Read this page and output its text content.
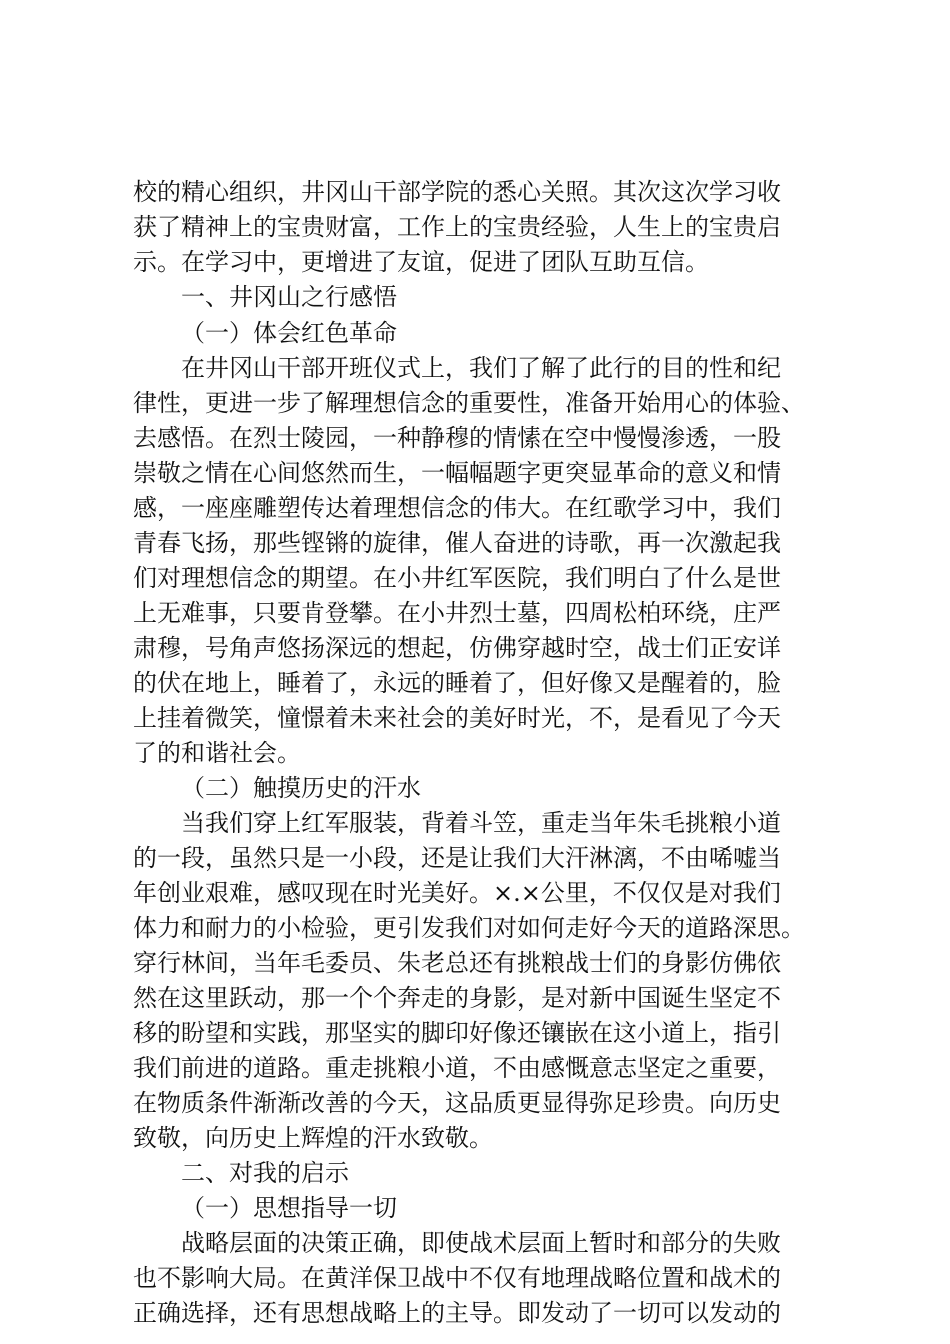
校的精心组织，井冈山干部学院的悉心关照。其次这次学习收
获了精神上的宝贵财富，工作上的宝贵经验，人生上的宝贵启
示。在学习中，更增进了友谊，促进了团队互助互信。
一、井冈山之行感悟
（一）体会红色革命
在井冈山干部开班仪式上，我们了解了此行的目的性和纪
律性，更进一步了解理想信念的重要性，准备开始用心的体验、
去感悟。在烈士陵园，一种静穆的情愫在空中慢慢渗透，一股
崇敬之情在心间悠然而生，一幅幅题字更突显革命的意义和情
感，一座座雕塑传达着理想信念的伟大。在红歌学习中，我们
青春飞扬，那些铿锵的旋律，催人奋进的诗歌，再一次激起我
们对理想信念的期望。在小井红军医院，我们明白了什么是世
上无难事，只要肯登攀。在小井烈士墓，四周松柏环绕，庄严
肃穆，号角声悠扬深远的想起，仿佛穿越时空，战士们正安详
的伏在地上，睡着了，永远的睡着了，但好像又是醒着的，脸
上挂着微笑，憧憬着未来社会的美好时光，不，是看见了今天
了的和谐社会。
（二）触摸历史的汗水
当我们穿上红军服装，背着斗笠，重走当年朱毛挑粮小道
的一段，虽然只是一小段，还是让我们大汗淋漓，不由唏嘘当
年创业艰难，感叹现在时光美好。×.×公里，不仅仅是对我们
体力和耐力的小检验，更引发我们对如何走好今天的道路深思。
穿行林间，当年毛委员、朱老总还有挑粮战士们的身影仿佛依
然在这里跃动，那一个个奔走的身影，是对新中国诞生坚定不
移的盼望和实践，那坚实的脚印好像还镶嵌在这小道上，指引
我们前进的道路。重走挑粮小道，不由感慨意志坚定之重要，
在物质条件渐渐改善的今天，这品质更显得弥足珍贵。向历史
致敬，向历史上辉煌的汗水致敬。
二、对我的启示
（一）思想指导一切
战略层面的决策正确，即使战术层面上暂时和部分的失败
也不影响大局。在黄洋保卫战中不仅有地理战略位置和战术的
正确选择，还有思想战略上的主导。即发动了一切可以发动的
